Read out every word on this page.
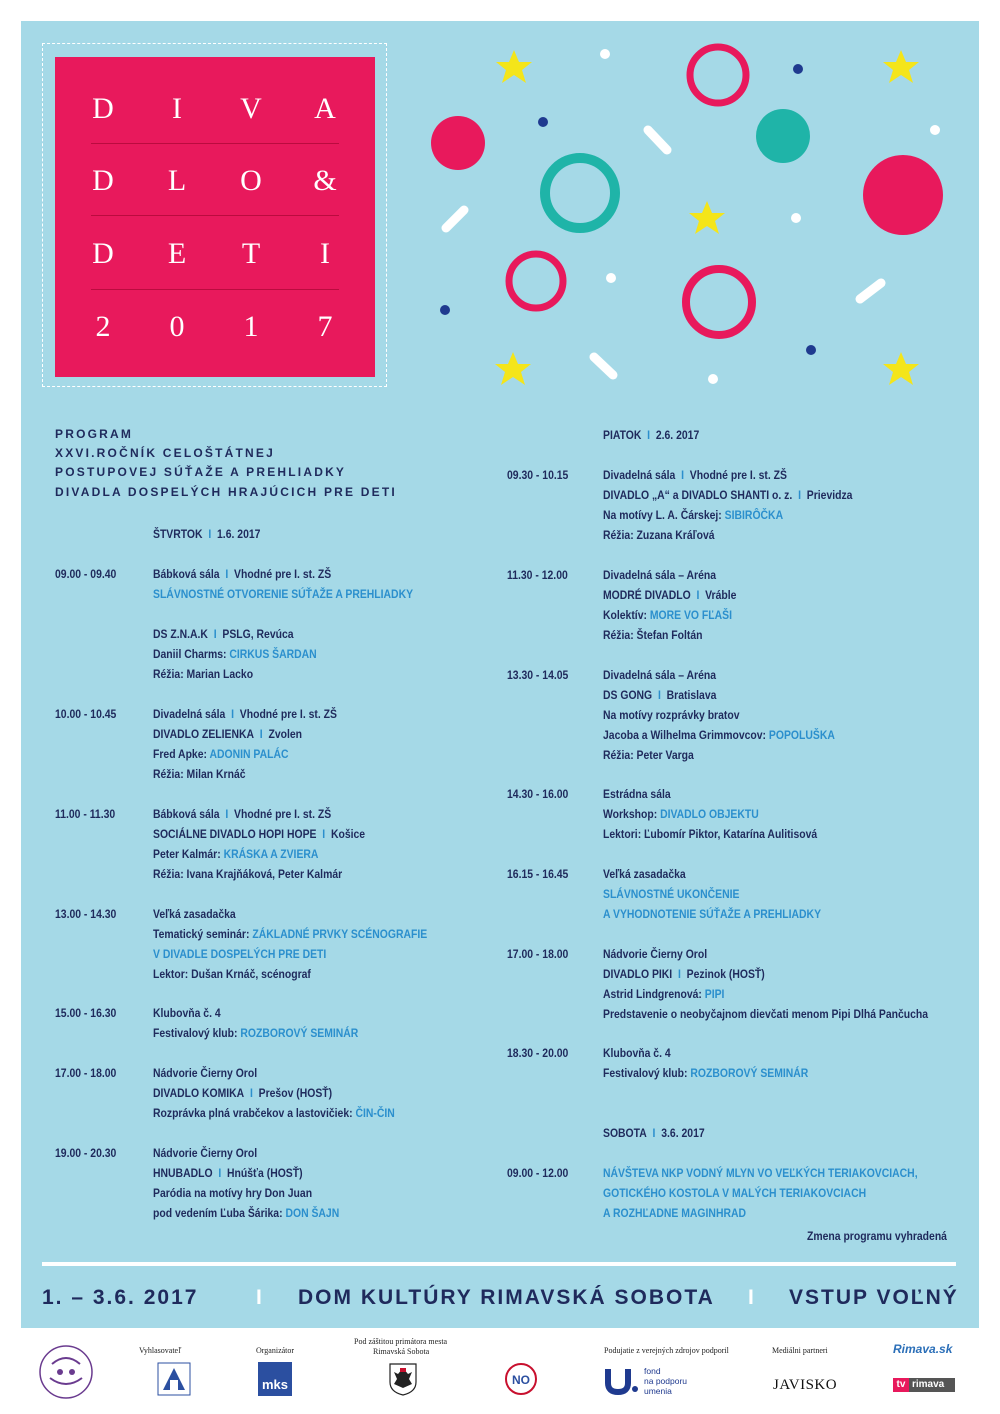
D	I	V	A
D	L	O	&
D	E	T	I
2	0	1	7
PROGRAM
XXVI.ROČNÍK CELOŠTÁTNEJ
POSTUPOVEJ SÚŤAŽE A PREHLIADKY
DIVADLA DOSPELÝCH HRAJÚCICH PRE DETI
ŠTVRTOK I 1.6. 2017
09.00 - 09.40	Bábková sála I Vhodné pre I. st. ZŠ
SLÁVNOSTNÉ OTVORENIE SÚŤAŽE A PREHLIADKY
DS Z.N.A.K I PSLG, Revúca
Daniil Charms: CIRKUS ŠARDAN
Réžia: Marian Lacko
10.00 - 10.45	Divadelná sála I Vhodné pre I. st. ZŠ
DIVADLO ZELIENKA I Zvolen
Fred Apke: ADONIN PALÁC
Réžia: Milan Krnáč
11.00 - 11.30	Bábková sála I Vhodné pre I. st. ZŠ
SOCIÁLNE DIVADLO HOPI HOPE I Košice
Peter Kalmár: KRÁSKA A ZVIERA
Réžia: Ivana Krajňáková, Peter Kalmár
13.00 - 14.30	Veľká zasadačka
Tematický seminár: ZÁKLADNÉ PRVKY SCÉNOGRAFIE
V DIVADLE DOSPELÝCH PRE DETI
Lektor: Dušan Krnáč, scénograf
15.00 - 16.30	Klubovňa č. 4
Festivalový klub: ROZBOROVÝ SEMINÁR
17.00 - 18.00	Nádvorie Čierny Orol
DIVADLO KOMIKA I Prešov (HOSŤ)
Rozprávka plná vrabčekov a lastovičiek: ČIN-ČIN
19.00 - 20.30	Nádvorie Čierny Orol
HNUBADLO I Hnúšťa (HOSŤ)
Paródia na motívy hry Don Juan
pod vedením Ľuba Šárika: DON ŠAJN
PIATOK I 2.6. 2017
09.30 - 10.15	Divadelná sála I Vhodné pre I. st. ZŠ
DIVADLO „A“ a DIVADLO SHANTI o. z. I Prievidza
Na motívy L. A. Čárskej: SIBIRÔČKA
Réžia: Zuzana Kráľová
11.30 - 12.00	Divadelná sála – Aréna
MODRÉ DIVADLO I Vráble
Kolektív: MORE VO FĽAŠI
Réžia: Štefan Foltán
13.30 - 14.05	Divadelná sála – Aréna
DS GONG I Bratislava
Na motívy rozprávky bratov
Jacoba a Wilhelma Grimmovcov: POPOLUŠKA
Réžia: Peter Varga
14.30 - 16.00	Estrádna sála
Workshop: DIVADLO OBJEKTU
Lektori: Ľubomír Piktor, Katarína Aulitisová
16.15 - 16.45	Veľká zasadačka
SLÁVNOSTNÉ UKONČENIE
A VYHODNOTENIE SÚŤAŽE A PREHLIADKY
17.00 - 18.00	Nádvorie Čierny Orol
DIVADLO PIKI I Pezinok (HOSŤ)
Astrid Lindgrenová: PIPI
Predstavenie o neobyčajnom dievčati menom Pipi Dlhá Pančucha
18.30 - 20.00	Klubovňa č. 4
Festivalový klub: ROZBOROVÝ SEMINÁR
SOBOTA I 3.6. 2017
09.00 - 12.00	NÁVŠTEVA NKP VODNÝ MLYN VO VEĽKÝCH TERIAKOVCIACH,
GOTICKÉHO KOSTOLA V MALÝCH TERIAKOVCIACH
A ROZHĽADNE MAGINHRAD
Zmena programu vyhradená
1. – 3.6. 2017	I DOM KULTÚRY RIMAVSKÁ SOBOTA I VSTUP VOĽNÝ
Vyhlasovateľ	Organizátor
mks
Pod záštitou primátora mesta
Rimavská Sobota
NO
Podujatie z verejných zdrojov podporil
fond
na podporu
umenia
Mediálni partneri
JAVISKO
Rimava.sk
tv rimava
